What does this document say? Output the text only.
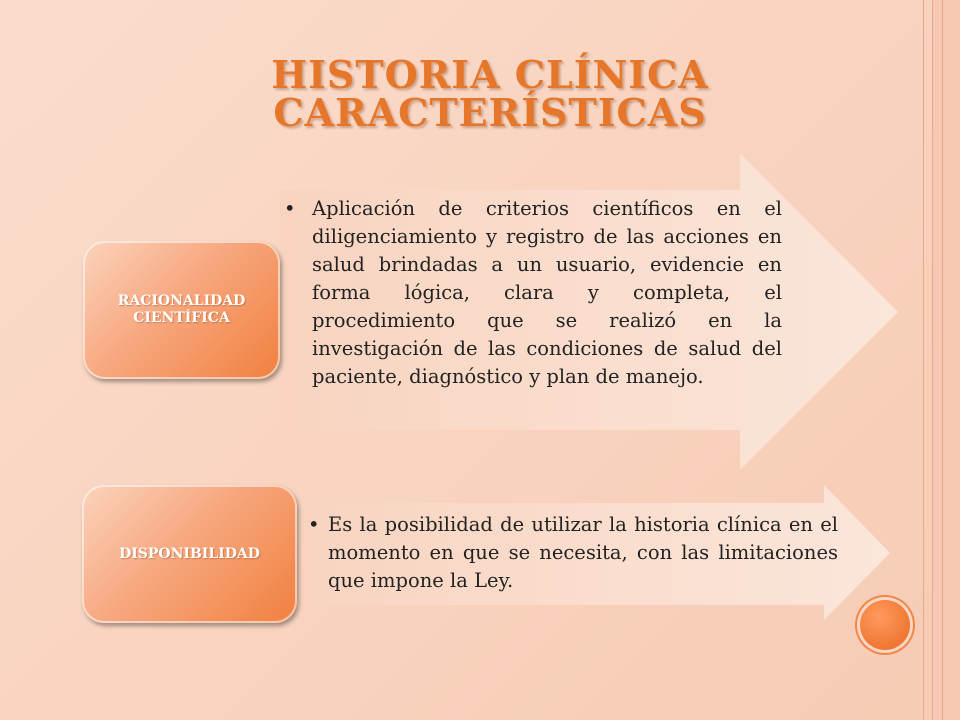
HISTORIA CLÍNICA
CARACTERÍSTICAS
RACIONALIDAD
CIENTÍFICA
• Aplicación de criterios científicos en el diligenciamiento y registro de las acciones en salud brindadas a un usuario, evidencie en forma lógica, clara y completa, el procedimiento que se realizó en la investigación de las condiciones de salud del paciente, diagnóstico y plan de manejo.

DISPONIBILIDAD
• Es la posibilidad de utilizar la historia clínica en el momento en que se necesita, con las limitaciones que impone la Ley.
